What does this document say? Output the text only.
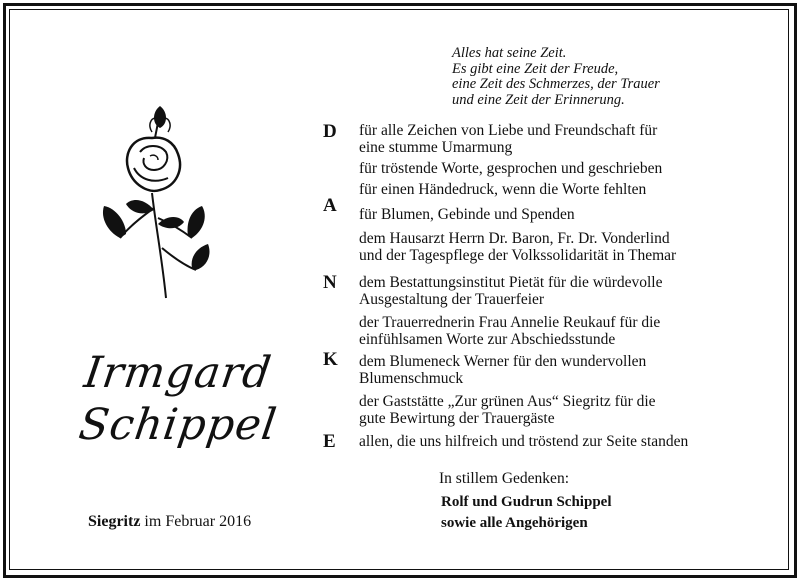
Alles hat seine Zeit.
Es gibt eine Zeit der Freude,
eine Zeit des Schmerzes, der Trauer
und eine Zeit der Erinnerung.
Irmgard
Schippel
Siegritz im Februar 2016
D
A
N
K
E
für alle Zeichen von Liebe und Freundschaft für
eine stumme Umarmung
für tröstende Worte, gesprochen und geschrieben
für einen Händedruck, wenn die Worte fehlten
für Blumen, Gebinde und Spenden
dem Hausarzt Herrn Dr. Baron, Fr. Dr. Vonderlind
und der Tagespflege der Volkssolidarität in Themar
dem Bestattungsinstitut Pietät für die würdevolle
Ausgestaltung der Trauerfeier
der Trauerrednerin Frau Annelie Reukauf für die
einfühlsamen Worte zur Abschiedsstunde
dem Blumeneck Werner für den wundervollen
Blumenschmuck
der Gaststätte „Zur grünen Aus“ Siegritz für die
gute Bewirtung der Trauergäste
allen, die uns hilfreich und tröstend zur Seite standen
In stillem Gedenken:
Rolf und Gudrun Schippel
sowie alle Angehörigen
